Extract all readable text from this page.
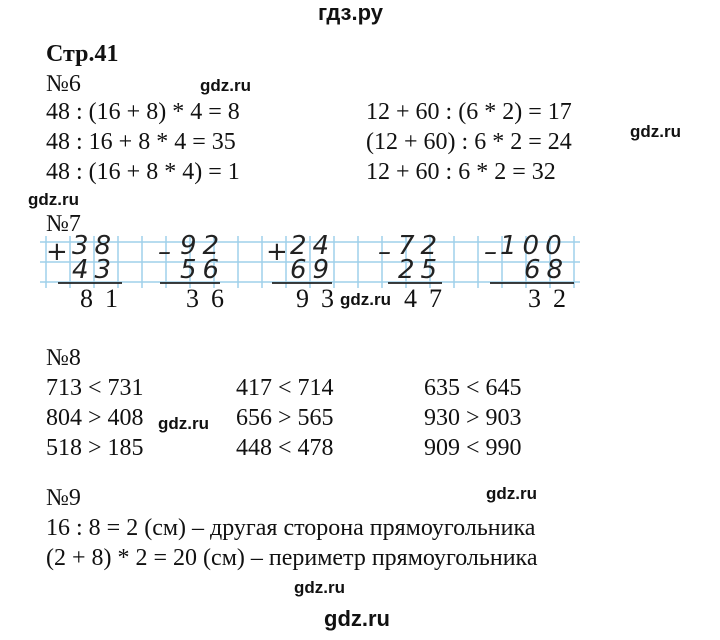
гдз.ру
Стр.41
№6	gdz.ru
48 : (16 + 8) * 4 = 8
48 : 16 + 8 * 4 = 35
48 : (16 + 8 * 4) = 1
12 + 60 : (6 * 2) = 17
(12 + 60) : 6 * 2 = 24
12 + 60 : 6 * 2 = 32
gdz.ru
gdz.ru
№7
+
38
43
81
– 92
56
36
+
24
69
93
gdz.ru
– 72
25
47
–
100
68
32
№8
713 < 731
804 > 408
518 > 185
gdz.ru
417 < 714
656 > 565
448 < 478
635 < 645
930 > 903
909 < 990
№9	gdz.ru
16 : 8 = 2 (см) – другая сторона прямоугольника
(2 + 8) * 2 = 20 (см) – периметр прямоугольника
gdz.ru
gdz.ru
